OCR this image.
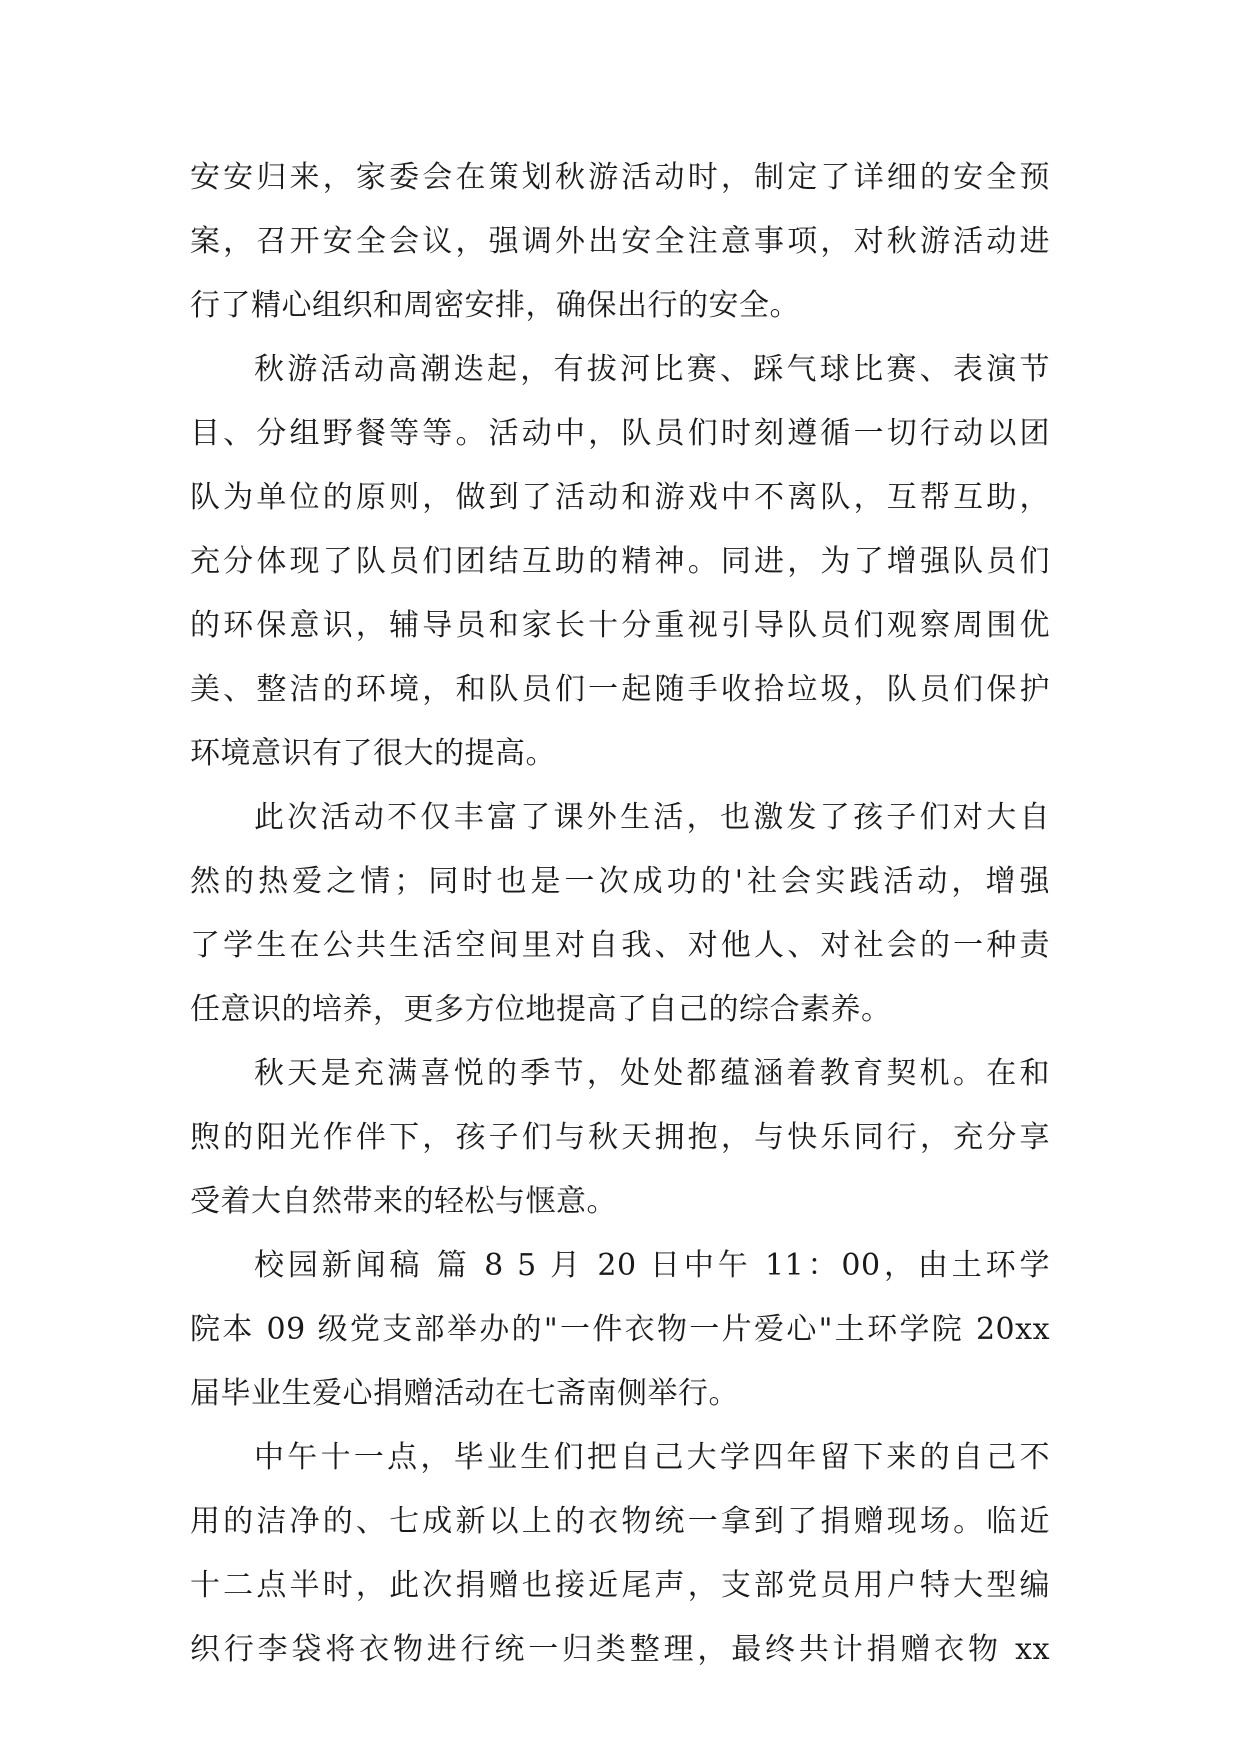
安安归来，家委会在策划秋游活动时，制定了详细的安全预
案，召开安全会议，强调外出安全注意事项，对秋游活动进
行了精心组织和周密安排，确保出行的安全。
秋游活动高潮迭起，有拔河比赛、踩气球比赛、表演节
目、分组野餐等等。活动中，队员们时刻遵循一切行动以团
队为单位的原则，做到了活动和游戏中不离队，互帮互助，
充分体现了队员们团结互助的精神。同进，为了增强队员们
的环保意识，辅导员和家长十分重视引导队员们观察周围优
美、整洁的环境，和队员们一起随手收拾垃圾，队员们保护
环境意识有了很大的提高。
此次活动不仅丰富了课外生活，也激发了孩子们对大自
然的热爱之情；同时也是一次成功的'社会实践活动，增强
了学生在公共生活空间里对自我、对他人、对社会的一种责
任意识的培养，更多方位地提高了自己的综合素养。
秋天是充满喜悦的季节，处处都蕴涵着教育契机。在和
煦的阳光作伴下，孩子们与秋天拥抱，与快乐同行，充分享
受着大自然带来的轻松与惬意。
校园新闻稿 篇 8 5 月 20 日中午 11：00，由土环学
院本 09 级党支部举办的"一件衣物一片爱心"土环学院 20xx
届毕业生爱心捐赠活动在七斋南侧举行。
中午十一点，毕业生们把自己大学四年留下来的自己不
用的洁净的、七成新以上的衣物统一拿到了捐赠现场。临近
十二点半时，此次捐赠也接近尾声，支部党员用户特大型编
织行李袋将衣物进行统一归类整理，最终共计捐赠衣物 xx
